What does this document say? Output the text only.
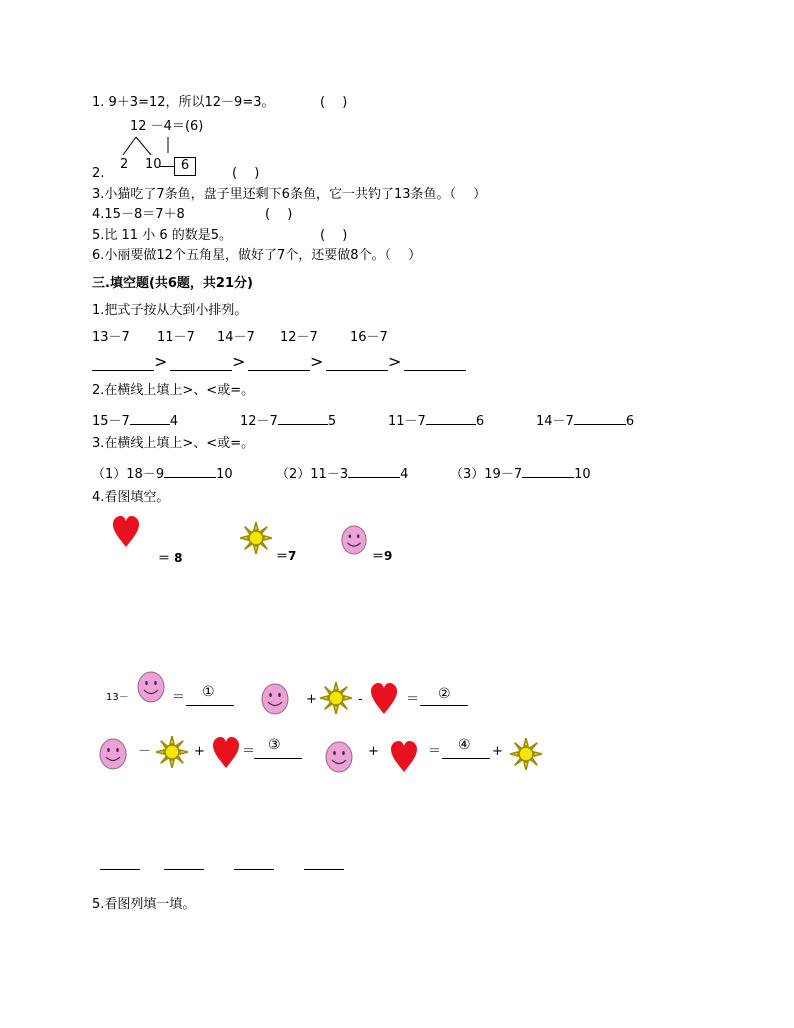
1. 9＋3=12，所以12－9=3。	(　 )
12 －4＝(6)
2 10	6
2.	(　 )
3.小猫吃了7条鱼，盘子里还剩下6条鱼，它一共钓了13条鱼。（　 ）
4.15－8＝7＋8	(　 )
5.比 11 小 6 的数是5。	(　 )
6.小丽要做12个五角星，做好了7个，还要做8个。（　 ）
三.填空题(共6题，共21分)
1.把式子按从大到小排列。
13－7 11－7 14－7 12－7 16－7
>	>	>	>
2.在横线上填上>、<或=。
15－7	4	12－7	5	11－7	6	14－7	6
3.在横线上填上>、<或=。
（1）18－9	10	（2）11－3	4	（3）19－7	10
4.看图填空。
＝ 8	＝7	＝9
13－	＝ ①	+	-	＝ ②
－	+	＝ ③	+	＝ ④ +
5.看图列填一填。
